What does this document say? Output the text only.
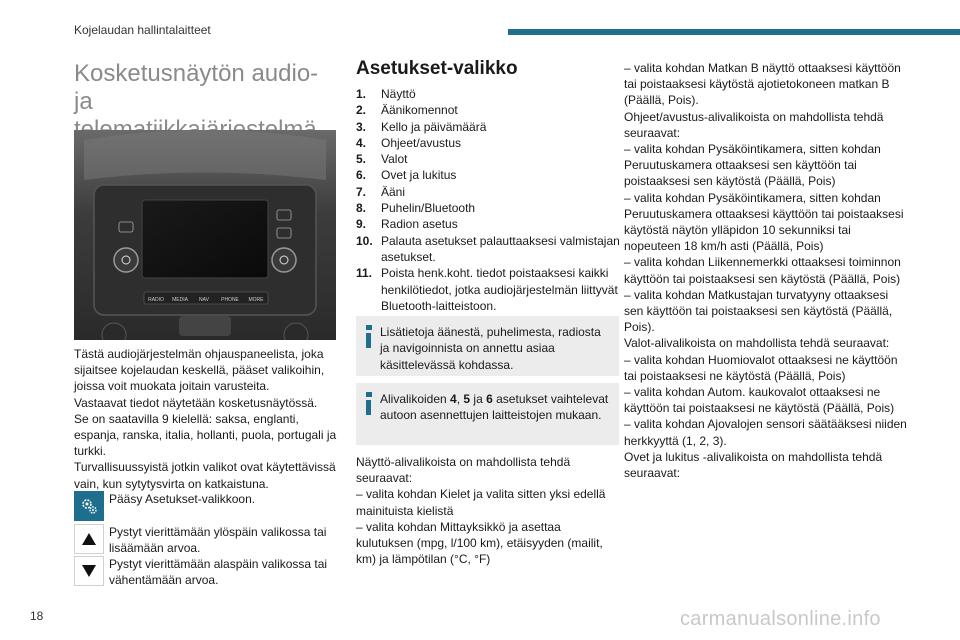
Kojelaudan hallintalaitteet
Kosketusnäytön audio- ja
RADIO MEDIA NAV PHONE MORE

Tästä audiojärjestelmän ohjauspaneelista, joka sijaitsee kojelaudan keskellä, pääset valikoihin, joissa voit muokata joitain varusteita.

Vastaavat tiedot näytetään kosketusnäytössä.

Se on saatavilla 9 kielellä: saksa, englanti, espanja, ranska, italia, hollanti, puola, portugali ja turkki.

Turvallisuussyistä jotkin valikot ovat käytettävissä vain, kun sytytysvirta on katkaistuna.

Pääsy Asetukset-valikkoon.
Pystyt vierittämään ylöspäin valikossa tai lisäämään arvoa.
Pystyt vierittämään alaspäin valikossa tai vähentämään arvoa.
Asetukset-valikko
1.	Näyttö
2.	Äänikomennot
3.	Kello ja päivämäärä
4.	Ohjeet/avustus
5.	Valot
6.	Ovet ja lukitus
7.	Ääni
8.	Puhelin/Bluetooth
9.	Radion asetus
10. Palauta asetukset palauttaaksesi valmistajan asetukset.
11. Poista henk.koht. tiedot poistaaksesi kaikki henkilötiedot, jotka audiojärjestelmän liittyvät Bluetooth-laitteistoon.
Lisätietoja äänestä, puhelimesta, radiosta ja navigoinnista on annettu asiaa käsittelevässä kohdassa.
Alivalikoiden 4, 5 ja 6 asetukset vaihtelevat autoon asennettujen laitteistojen mukaan.

Näyttö-alivalikoista on mahdollista tehdä seuraavat:

– valita kohdan Kielet ja valita sitten yksi edellä mainituista kielistä

– valita kohdan Mittayksikkö ja asettaa kulutuksen (mpg, l/100 km), etäisyyden (mailit, km) ja lämpötilan (°C, °F)

– valita kohdan Matkan B näyttö ottaaksesi käyttöön tai poistaaksesi käytöstä ajotietokoneen matkan B (Päällä, Pois).

Ohjeet/avustus-alivalikoista on mahdollista tehdä seuraavat:

– valita kohdan Pysäköintikamera, sitten kohdan Peruutuskamera ottaaksesi sen käyttöön tai poistaaksesi sen käytöstä (Päällä, Pois)

– valita kohdan Pysäköintikamera, sitten kohdan Peruutuskamera ottaaksesi käyttöön tai poistaaksesi käytöstä näytön ylläpidon 10 sekunniksi tai nopeuteen 18 km/h asti (Päällä, Pois)

– valita kohdan Liikennemerkki ottaaksesi toiminnon käyttöön tai poistaaksesi sen käytöstä (Päällä, Pois)

– valita kohdan Matkustajan turvatyyny ottaaksesi sen käyttöön tai poistaaksesi sen käytöstä (Päällä, Pois).

Valot-alivalikoista on mahdollista tehdä seuraavat:

– valita kohdan Huomiovalot ottaaksesi ne käyttöön tai poistaaksesi ne käytöstä (Päällä, Pois)

– valita kohdan Autom. kaukovalot ottaaksesi ne käyttöön tai poistaaksesi ne käytöstä (Päällä, Pois)

– valita kohdan Ajovalojen sensori säätääksesi niiden herkkyyttä (1, 2, 3).

Ovet ja lukitus -alivalikoista on mahdollista tehdä seuraavat:

18	carmanualsonline.info
